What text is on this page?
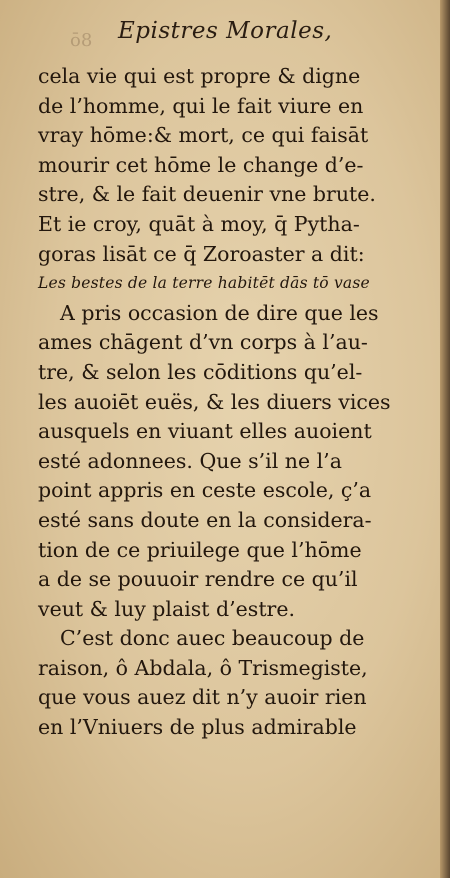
ō8 Epistres Morales,
cela vie qui est propre & digne
de l’homme, qui le fait viure en
vray hōme:& mort, ce qui faisāt
mourir cet hōme le change d’e-
stre, & le fait deuenir vne brute.
Et ie croy, quāt à moy, q̄ Pytha-
goras lisāt ce q̄ Zoroaster a dit:
Les bestes de la terre habitēt dās tō vase
A pris occasion de dire que les
ames chāgent d’vn corps à l’au-
tre, & selon les cōditions qu’el-
les auoiēt euës, & les diuers vices
ausquels en viuant elles auoient
esté adonnees. Que s’il ne l’a
point appris en ceste escole, ç’a
esté sans doute en la considera-
tion de ce priuilege que l’hōme
a de se pouuoir rendre ce qu’il
veut & luy plaist d’estre.
C’est donc auec beaucoup de
raison, ô Abdala, ô Trismegiste,
que vous auez dit n’y auoir rien
en l’Vniuers de plus admirable
